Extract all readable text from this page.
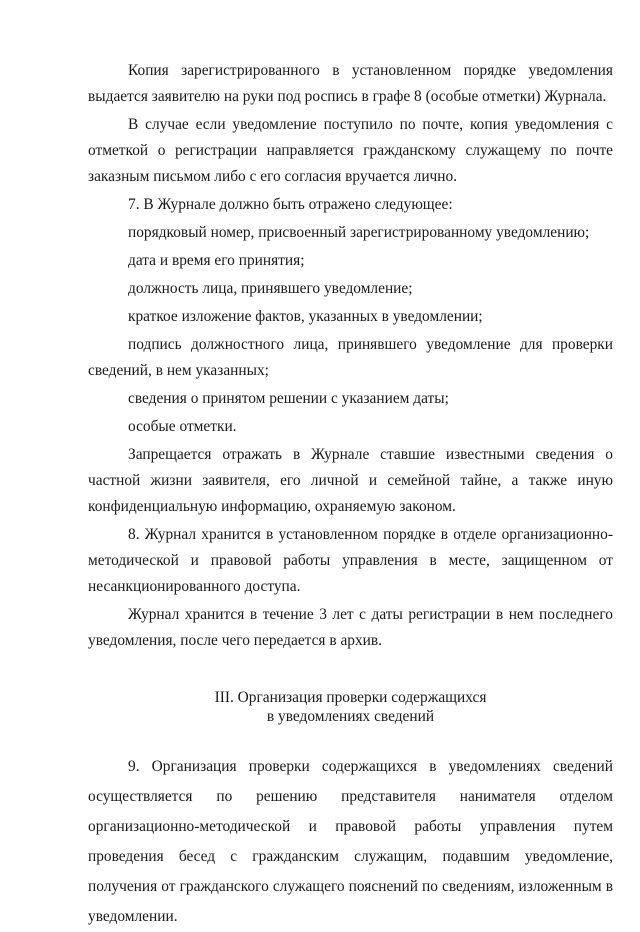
Копия зарегистрированного в установленном порядке уведомления выдается заявителю на руки под роспись в графе 8 (особые отметки) Журнала.

В случае если уведомление поступило по почте, копия уведомления с отметкой о регистрации направляется гражданскому служащему по почте заказным письмом либо с его согласия вручается лично.

7. В Журнале должно быть отражено следующее:

порядковый номер, присвоенный зарегистрированному уведомлению;

дата и время его принятия;

должность лица, принявшего уведомление;

краткое изложение фактов, указанных в уведомлении;

подпись должностного лица, принявшего уведомление для проверки сведений, в нем указанных;

сведения о принятом решении с указанием даты;

особые отметки.

Запрещается отражать в Журнале ставшие известными сведения о частной жизни заявителя, его личной и семейной тайне, а также иную конфиденциальную информацию, охраняемую законом.

8. Журнал хранится в установленном порядке в отделе организационно-методической и правовой работы управления в месте, защищенном от несанкционированного доступа.

Журнал хранится в течение 3 лет с даты регистрации в нем последнего уведомления, после чего передается в архив.

III. Организация проверки содержащихся

в уведомлениях сведений

9. Организация проверки содержащихся в уведомлениях сведений осуществляется по решению представителя нанимателя отделом организационно-методической и правовой работы управления путем проведения бесед с гражданским служащим, подавшим уведомление, получения от гражданского служащего пояснений по сведениям, изложенным в уведомлении.
